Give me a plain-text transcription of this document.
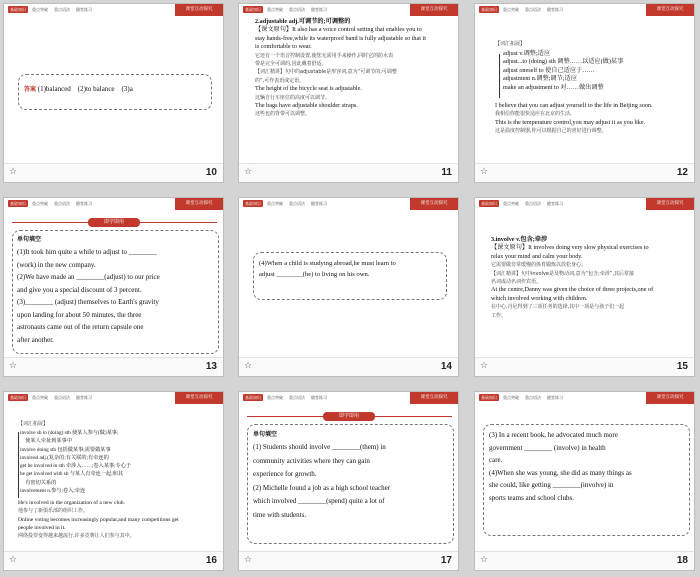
基础知识	重点突破	重点语法	随堂练习	课堂互动探究
答案 (1)balanced　(2)to balance　(3)a
☆	10
基础知识	重点突破	重点语法	随堂练习	课堂互动探究
2.adjustable adj.可调节的;可调整的
【课文原句】It also has a voice control setting that enables you to
stay hands-free,while its waterproof band is fully adjustable so that it
is comfortable to wear.
它还有一个语音控制设置,使您无需用手来操作,同时它的防水表
带是完全可调的,因此戴着舒适。
【词汇精讲】句中的adjustable是形容词,意为“可调节的;可调整
的”,可作表语或定语。
The height of the bicycle seat is adjustable.
这辆自行车座位的高度可以调节。
The bags have adjustable shoulder straps.
这些包的背带可以调整。
☆	11
基础知识	重点突破	重点语法	随堂练习	课堂互动探究
【词汇拓展】
adjust v.调整;适应
adjust...to (doing) sth 调整……以适应(做)某事
adjust oneself to 使自己适应于……
adjustment n.调整;调节;适应
make an adjustment to 对……做出调整
I believe that you can adjust yourself to the life in Beijing soon.
我相信你能很快适应在北京的生活。
This is the temperature control,you may adjust it as you like.
这是温度控制器,你可以根据自己的喜好进行调整。
☆	12
基础知识	重点突破	重点语法	随堂练习	课堂互动探究
即学即用
单句填空
(1)It took him quite a while to adjust to ________
(work) in the new company.
(2)We have made an ________(adjust) to our price
and give you a special discount of 3 percent.
(3)________ (adjust) themselves to Earth's gravity
upon landing for about 50 minutes, the three
astronauts came out of the return capsule one
after another.
☆	13
基础知识	重点突破	重点语法	随堂练习	课堂互动探究
(4)When a child is studying abroad,he must learn to
adjust ________(he) to living on his own.
☆	14
基础知识	重点突破	重点语法	随堂练习	课堂互动探究
3.involve v.包含;牵涉
【课文原句】It involves doing very slow physical exercises to
relax your mind and calm your body.
它需要做非常缓慢的体育锻炼以放松身心。
【词汇精讲】句中involve是及物动词,意为“包含;牵涉”,其后常接
名词或动名词作宾语。
At the centre,Danny was given the choice of three projects,one of
which involved working with children.
在中心,丹尼得到了三项任务的选择,其中一项是与孩子们一起
工作。
☆	15
基础知识	重点突破	重点语法	随堂练习	课堂互动探究
【词汇拓展】
involve sb in (doing) sth 使某人参与(做)某事;
　使某人牵扯到某事中
involve doing sth 包括做某事;需要做某事
involved adj.(复杂的;有关联的;有牵连的
get be involved in sth 牵涉入……;卷入某事;专心于
be get involved with sb 与某人有牵连一起;和其
　有密切关系的
involvement n.参与;卷入;牵连
He's involved in the organization of a new club.
他参与了新俱乐部的组织工作。
Online voting becomes increasingly popular,and many competitions get
people involved in it.
网络投票变得越来越流行,许多竞赛让人们参与其中。
☆	16
基础知识	重点突破	重点语法	随堂练习	课堂互动探究
即学即用
单句填空
(1) Students should involve ________(them) in
community activities where they can gain
experience for growth.
(2) Michelle found a job as a high school teacher
which involved ________(spend) quite a lot of
time with students.
☆	17
基础知识	重点突破	重点语法	随堂练习	课堂互动探究
(3) In a recent book, he advocated much more
government ________ (involve) in health
care.
(4)When she was young, she did as many things as
she could, like getting ________(involve) in
sports teams and school clubs.
☆	18
